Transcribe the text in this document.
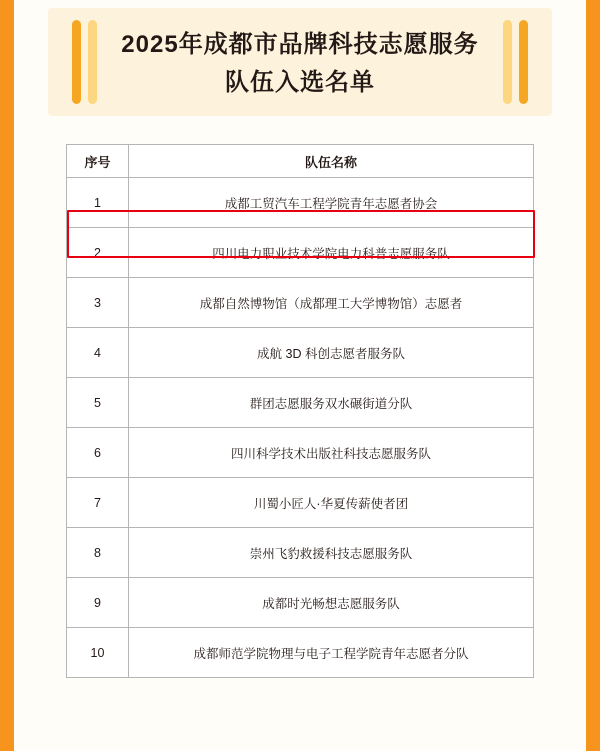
2025年成都市品牌科技志愿服务
队伍入选名单
序号	队伍名称
1	成都工贸汽车工程学院青年志愿者协会
2	四川电力职业技术学院电力科普志愿服务队
3	成都自然博物馆（成都理工大学博物馆）志愿者
4	成航 3D 科创志愿者服务队
5	群团志愿服务双水碾街道分队
6	四川科学技术出版社科技志愿服务队
7	川蜀小匠人·华夏传薪使者团
8	崇州飞豹救援科技志愿服务队
9	成都时光畅想志愿服务队
10	成都师范学院物理与电子工程学院青年志愿者分队
